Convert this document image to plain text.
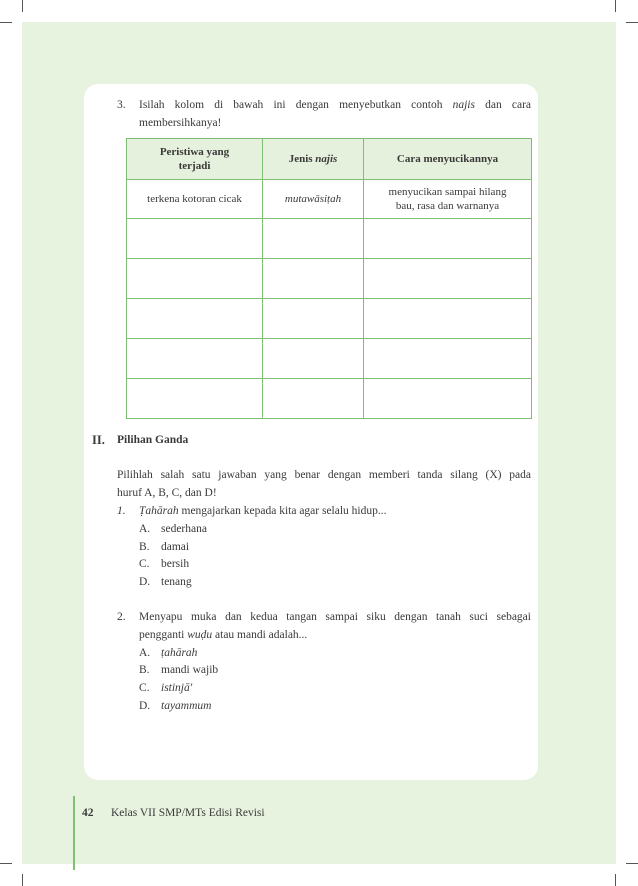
3. Isilah kolom di bawah ini dengan menyebutkan contoh najis dan cara
membersihkanya!
Peristiwa yang
terjadi	Jenis najis	Cara menyucikannya
terkena kotoran cicak	mutawāsiṭah	menyucikan sampai hilang
bau, rasa dan warnanya

II. Pilihan Ganda
Pilihlah salah satu jawaban yang benar dengan memberi tanda silang (X) pada
huruf A, B, C, dan D!
1. Ṭahārah mengajarkan kepada kita agar selalu hidup...
A. sederhana
B. damai
C. bersih
D. tenang
2. Menyapu muka dan kedua tangan sampai siku dengan tanah suci sebagai
pengganti wuḍu atau mandi adalah...
A. ṭahārah
B. mandi wajib
C. istinjā'
D. tayammum
42 Kelas VII SMP/MTs Edisi Revisi
